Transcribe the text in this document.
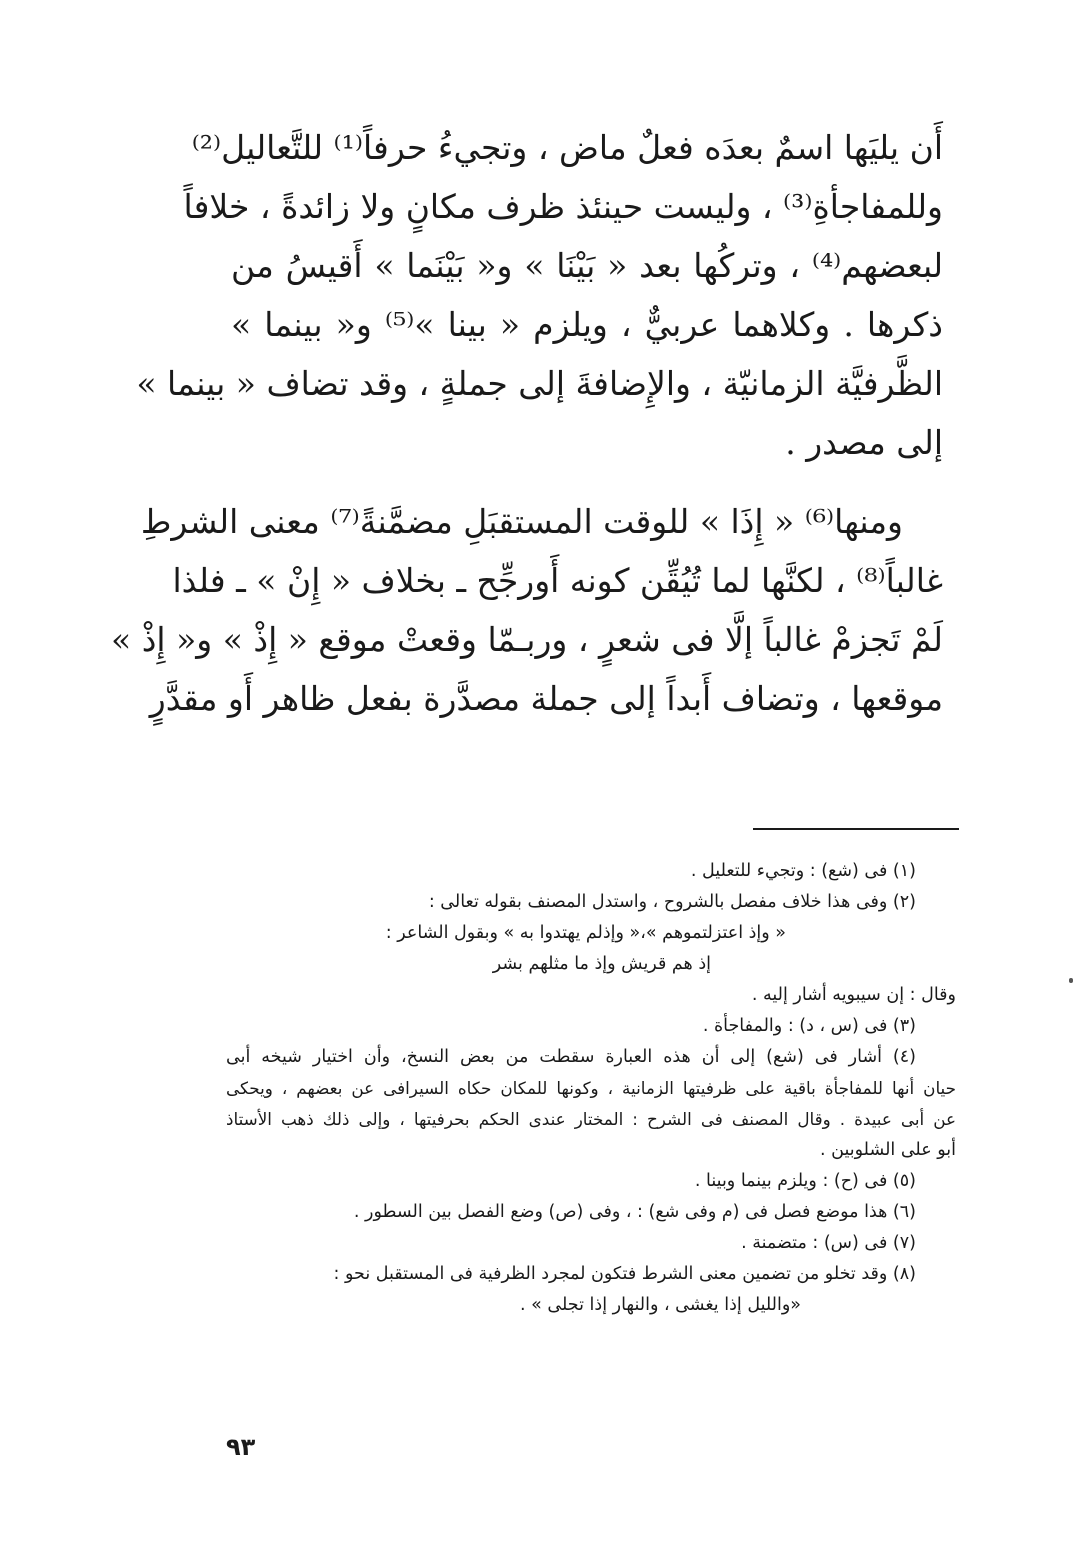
أَن يليَها اسمٌ بعدَه فعلٌ ماض ، وتجيءُ حرفاً⁽¹⁾ للتَّعاليل⁽²⁾
وللمفاجأةِ⁽³⁾ ، وليست حينئذ ظرف مكانٍ ولا زائدةً ، خلافاً
لبعضهم⁽⁴⁾ ، وتركُها بعد « بَيْنَا » و« بَيْنَما » أَقيسُ من
ذكرها . وكلاهما عربيٌّ ، ويلزم « بينا »⁽⁵⁾ و« بينما »
الظَّرفيَّة الزمانيّة ، والإِضافةَ إلى جملةٍ ، وقد تضاف « بينما »
إلى مصدر .
ومنها⁽⁶⁾ « إِذَا » للوقت المستقبَلِ مضمَّنةً⁽⁷⁾ معنى الشرطِ
غالباً⁽⁸⁾ ، لكنَّها لما تُيُقِّن كونه أَورجِّح ـ بخلاف « إِنْ » ـ فلذا
لَمْ تَجزمْ غالباً إلَّا فى شعرٍ ، وربـمّا وقعتْ موقع « إِذْ » و« إِذْ »
موقعها ، وتضاف أَبداً إلى جملة مصدَّرة بفعل ظاهر أَو مقدَّرٍ
(١) فى (شع) : وتجيء للتعليل .
(٢) وفى هذا خلاف مفصل بالشروح ، واستدل المصنف بقوله تعالى :
« وإذ اعتزلتموهم »،« وإذلم يهتدوا به » وبقول الشاعر :
إذ هم قريش وإذ ما مثلهم بشر
وقال : إن سيبويه أشار إليه .
(٣) فى (س ، د) : والمفاجأة .
(٤) أشار فى (شع) إلى أن هذه العبارة سقطت من بعض النسخ، وأن اختيار شيخه أبى
حيان أنها للمفاجأة باقية على ظرفيتها الزمانية ، وكونها للمكان حكاه السيرافى عن بعضهم ، ويحكى
عن أبى عبيدة . وقال المصنف فى الشرح : المختار عندى الحكم بحرفيتها ، وإلى ذلك ذهب الأستاذ
أبو على الشلوبين .
(٥) فى (ح) : ويلزم بينما وبينا .
(٦) هذا موضع فصل فى (م وفى شع) : ، وفى (ص) وضع الفصل بين السطور .
(٧) فى (س) : متضمنة .
(٨) وقد تخلو من تضمين معنى الشرط فتكون لمجرد الظرفية فى المستقبل نحو :
«والليل إذا يغشى ، والنهار إذا تجلى » .
٩٣
